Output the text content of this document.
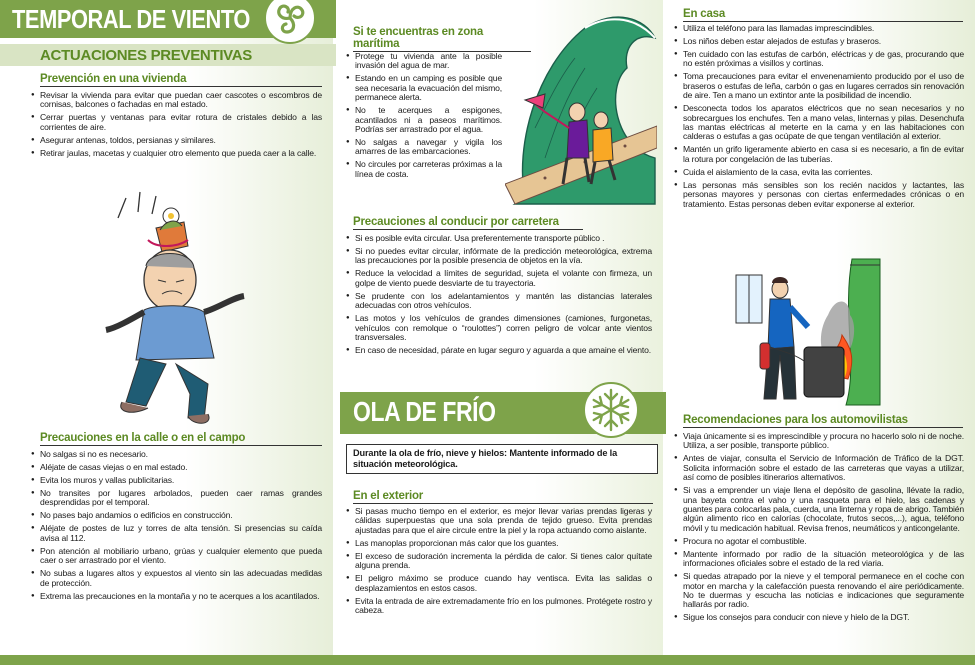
TEMPORAL DE VIENTO
ACTUACIONES PREVENTIVAS
Prevención en una vivienda
● Revisar la vivienda para evitar que puedan caer cascotes o escombros de cornisas, balcones o fachadas en mal estado.
● Cerrar puertas y ventanas para evitar rotura de cristales debido a las corrientes de aire.
● Asegurar antenas, toldos, persianas y similares.
● Retirar jaulas, macetas y cualquier otro elemento que pueda caer a la calle.
Precauciones en la calle o en el campo
● No salgas si no es necesario.
● Aléjate de casas viejas o en mal estado.
● Evita los muros y vallas publicitarias.
● No transites por lugares arbolados, pueden caer ramas grandes desprendidas por el temporal.
● No pases bajo andamios o edificios en construcción.
● Aléjate de postes de luz y torres de alta tensión. Si presencias su caída avisa al 112.
● Pon atención al mobiliario urbano, grúas y cualquier elemento que pueda caer o ser arrastrado por el viento.
● No subas a lugares altos y expuestos al viento sin las adecuadas medidas de protección.
● Extrema las precauciones en la montaña y no te acerques a los acantilados.
Si te encuentras en zona marítima
● Protege tu vivienda ante la posible invasión del agua de mar.
● Estando en un camping es posible que sea necesaria la evacuación del mismo, permanece alerta.
● No te acerques a espigones, acantilados ni a paseos marítimos. Podrías ser arrastrado por el agua.
● No salgas a navegar y vigila los amarres de las embarcaciones.
● No circules por carreteras próximas a la línea de costa.
Precauciones al conducir por carretera
● Si es posible evita circular. Usa preferentemente transporte público .
● Si no puedes evitar circular, infórmate de la predicción meteorológica, extrema las precauciones por la posible presencia de objetos en la vía.
● Reduce la velocidad a límites de seguridad, sujeta el volante con firmeza, un golpe de viento puede desviarte de tu trayectoria.
● Se prudente con los adelantamientos y mantén las distancias laterales adecuadas con otros vehículos.
● Las motos y los vehículos de grandes dimensiones (camiones, furgonetas, vehículos con remolque o “roulottes”) corren peligro de volcar ante vientos transversales.
● En caso de necesidad, párate en lugar seguro y aguarda a que amaine el viento.
OLA DE FRÍO
Durante la ola de frío, nieve y hielos: Mantente informado de la situación meteorológica.
En el exterior
● Si pasas mucho tiempo en el exterior, es mejor llevar varias prendas ligeras y cálidas superpuestas que una sola prenda de tejido grueso. Evita prendas ajustadas para que el aire circule entre la piel y la ropa actuando como aislante.
● Las manoplas proporcionan más calor que los guantes.
● El exceso de sudoración incrementa la pérdida de calor. Si tienes calor quítate alguna prenda.
● El peligro máximo se produce cuando hay ventisca. Evita las salidas o desplazamientos en estos casos.
● Evita la entrada de aire extremadamente frío en los pulmones. Protégete rostro y cabeza.
En casa
● Utiliza el teléfono para las llamadas imprescindibles.
● Los niños deben estar alejados de estufas y braseros.
● Ten cuidado con las estufas de carbón, eléctricas y de gas, procurando que no estén próximas a visillos y cortinas.
● Toma precauciones para evitar el envenenamiento producido por el uso de braseros o estufas de leña, carbón o gas en lugares cerrados sin renovación de aire. Ten a mano un extintor ante la posibilidad de incendio.
● Desconecta todos los aparatos eléctricos que no sean necesarios y no sobrecargues los enchufes. Ten a mano velas, linternas y pilas. Desenchufa las mantas eléctricas al meterte en la cama y en las habitaciones con calderas o estufas a gas ocúpate de que tengan ventilación al exterior.
● Mantén un grifo ligeramente abierto en casa si es necesario, a fin de evitar la rotura por congelación de las tuberías.
● Cuida el aislamiento de la casa, evita las corrientes.
● Las personas más sensibles son los recién nacidos y lactantes, las personas mayores y personas con ciertas enfermedades crónicas o en tratamiento. Estas personas deben evitar exponerse al exterior.
Recomendaciones para los automovilistas
● Viaja únicamente si es imprescindible y procura no hacerlo solo ni de noche. Utiliza, a ser posible, transporte público.
● Antes de viajar, consulta el Servicio de Información de Tráfico de la DGT. Solicita información sobre el estado de las carreteras que vayas a utilizar, así como de posibles itinerarios alternativos.
● Si vas a emprender un viaje llena el depósito de gasolina, llévate la radio, una bayeta contra el vaho y una rasqueta para el hielo, las cadenas y guantes para colocarlas pala, cuerda, una linterna y ropa de abrigo. También algún alimento rico en calorías (chocolate, frutos secos,...), agua, teléfono móvil y tu medicación habitual. Revisa frenos, neumáticos y anticongelante.
● Procura no agotar el combustible.
● Mantente informado por radio de la situación meteorológica y de las informaciones oficiales sobre el estado de la red viaria.
● Si quedas atrapado por la nieve y el temporal permanece en el coche con motor en marcha y la calefacción puesta renovando el aire periódicamente. No te duermas y escucha las noticias e indicaciones que seguramente hallarás por radio.
● Sigue los consejos para conducir con nieve y hielo de la DGT.
